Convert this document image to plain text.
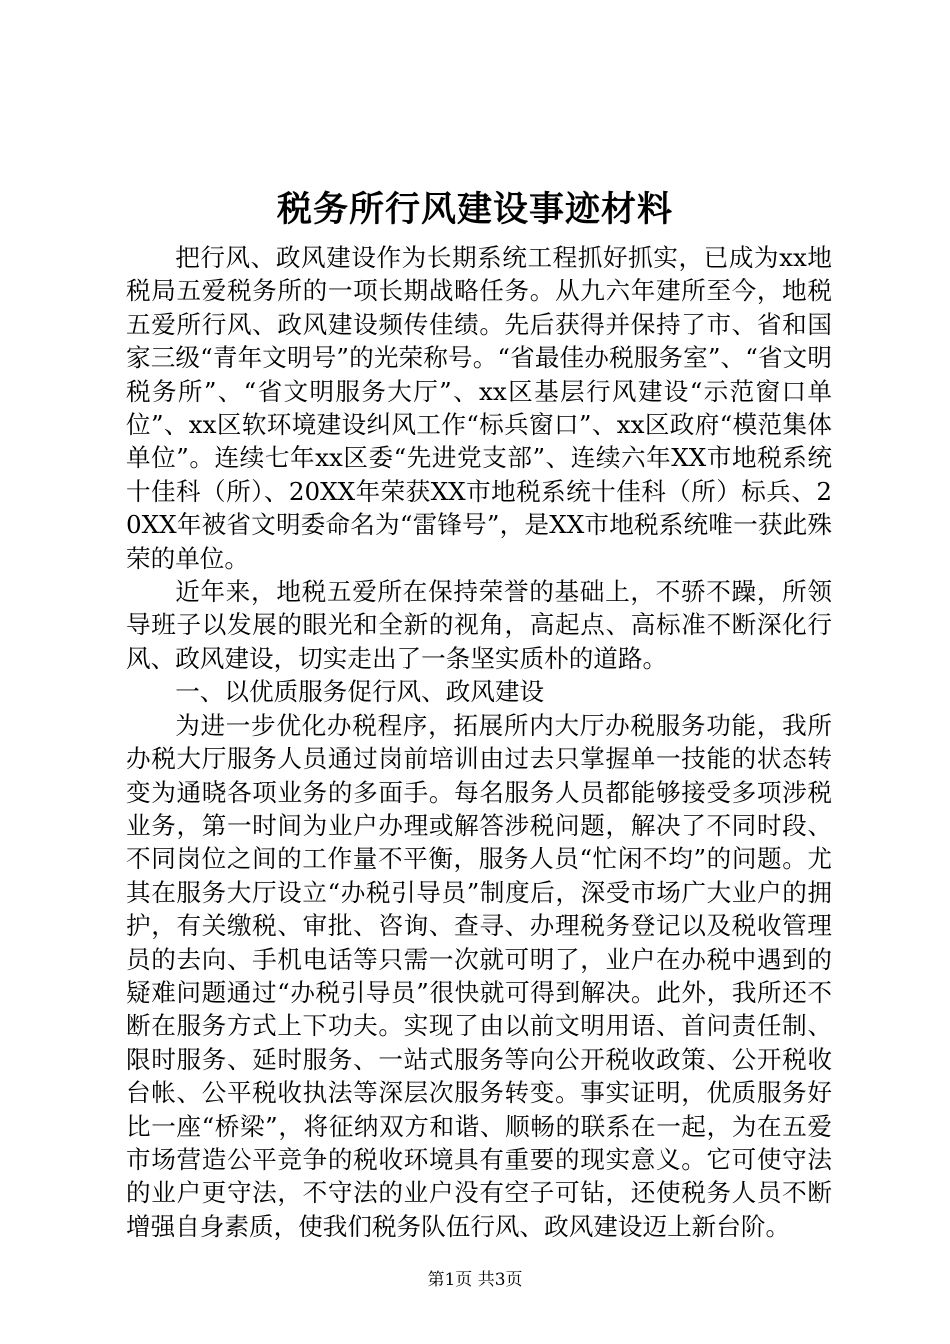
税务所行风建设事迹材料

把行风、政风建设作为长期系统工程抓好抓实，已成为xx地税局五爱税务所的一项长期战略任务。从九六年建所至今，地税五爱所行风、政风建设频传佳绩。先后获得并保持了市、省和国家三级“青年文明号”的光荣称号。“省最佳办税服务室”、“省文明税务所”、“省文明服务大厅”、xx区基层行风建设“示范窗口单位”、xx区软环境建设纠风工作“标兵窗口”、xx区政府“模范集体单位”。连续七年xx区委“先进党支部”、连续六年XX市地税系统十佳科（所）、20XX年荣获XX市地税系统十佳科（所）标兵、20XX年被省文明委命名为“雷锋号”，是XX市地税系统唯一获此殊荣的单位。

近年来，地税五爱所在保持荣誉的基础上，不骄不躁，所领导班子以发展的眼光和全新的视角，高起点、高标准不断深化行风、政风建设，切实走出了一条坚实质朴的道路。

一、以优质服务促行风、政风建设

为进一步优化办税程序，拓展所内大厅办税服务功能，我所办税大厅服务人员通过岗前培训由过去只掌握单一技能的状态转变为通晓各项业务的多面手。每名服务人员都能够接受多项涉税业务，第一时间为业户办理或解答涉税问题，解决了不同时段、不同岗位之间的工作量不平衡，服务人员“忙闲不均”的问题。尤其在服务大厅设立“办税引导员”制度后，深受市场广大业户的拥护，有关缴税、审批、咨询、查寻、办理税务登记以及税收管理员的去向、手机电话等只需一次就可明了，业户在办税中遇到的疑难问题通过“办税引导员”很快就可得到解决。此外，我所还不断在服务方式上下功夫。实现了由以前文明用语、首问责任制、限时服务、延时服务、一站式服务等向公开税收政策、公开税收台帐、公平税收执法等深层次服务转变。事实证明，优质服务好比一座“桥梁”，将征纳双方和谐、顺畅的联系在一起，为在五爱市场营造公平竞争的税收环境具有重要的现实意义。它可使守法的业户更守法，不守法的业户没有空子可钻，还使税务人员不断增强自身素质，使我们税务队伍行风、政风建设迈上新台阶。

第1页 共3页
